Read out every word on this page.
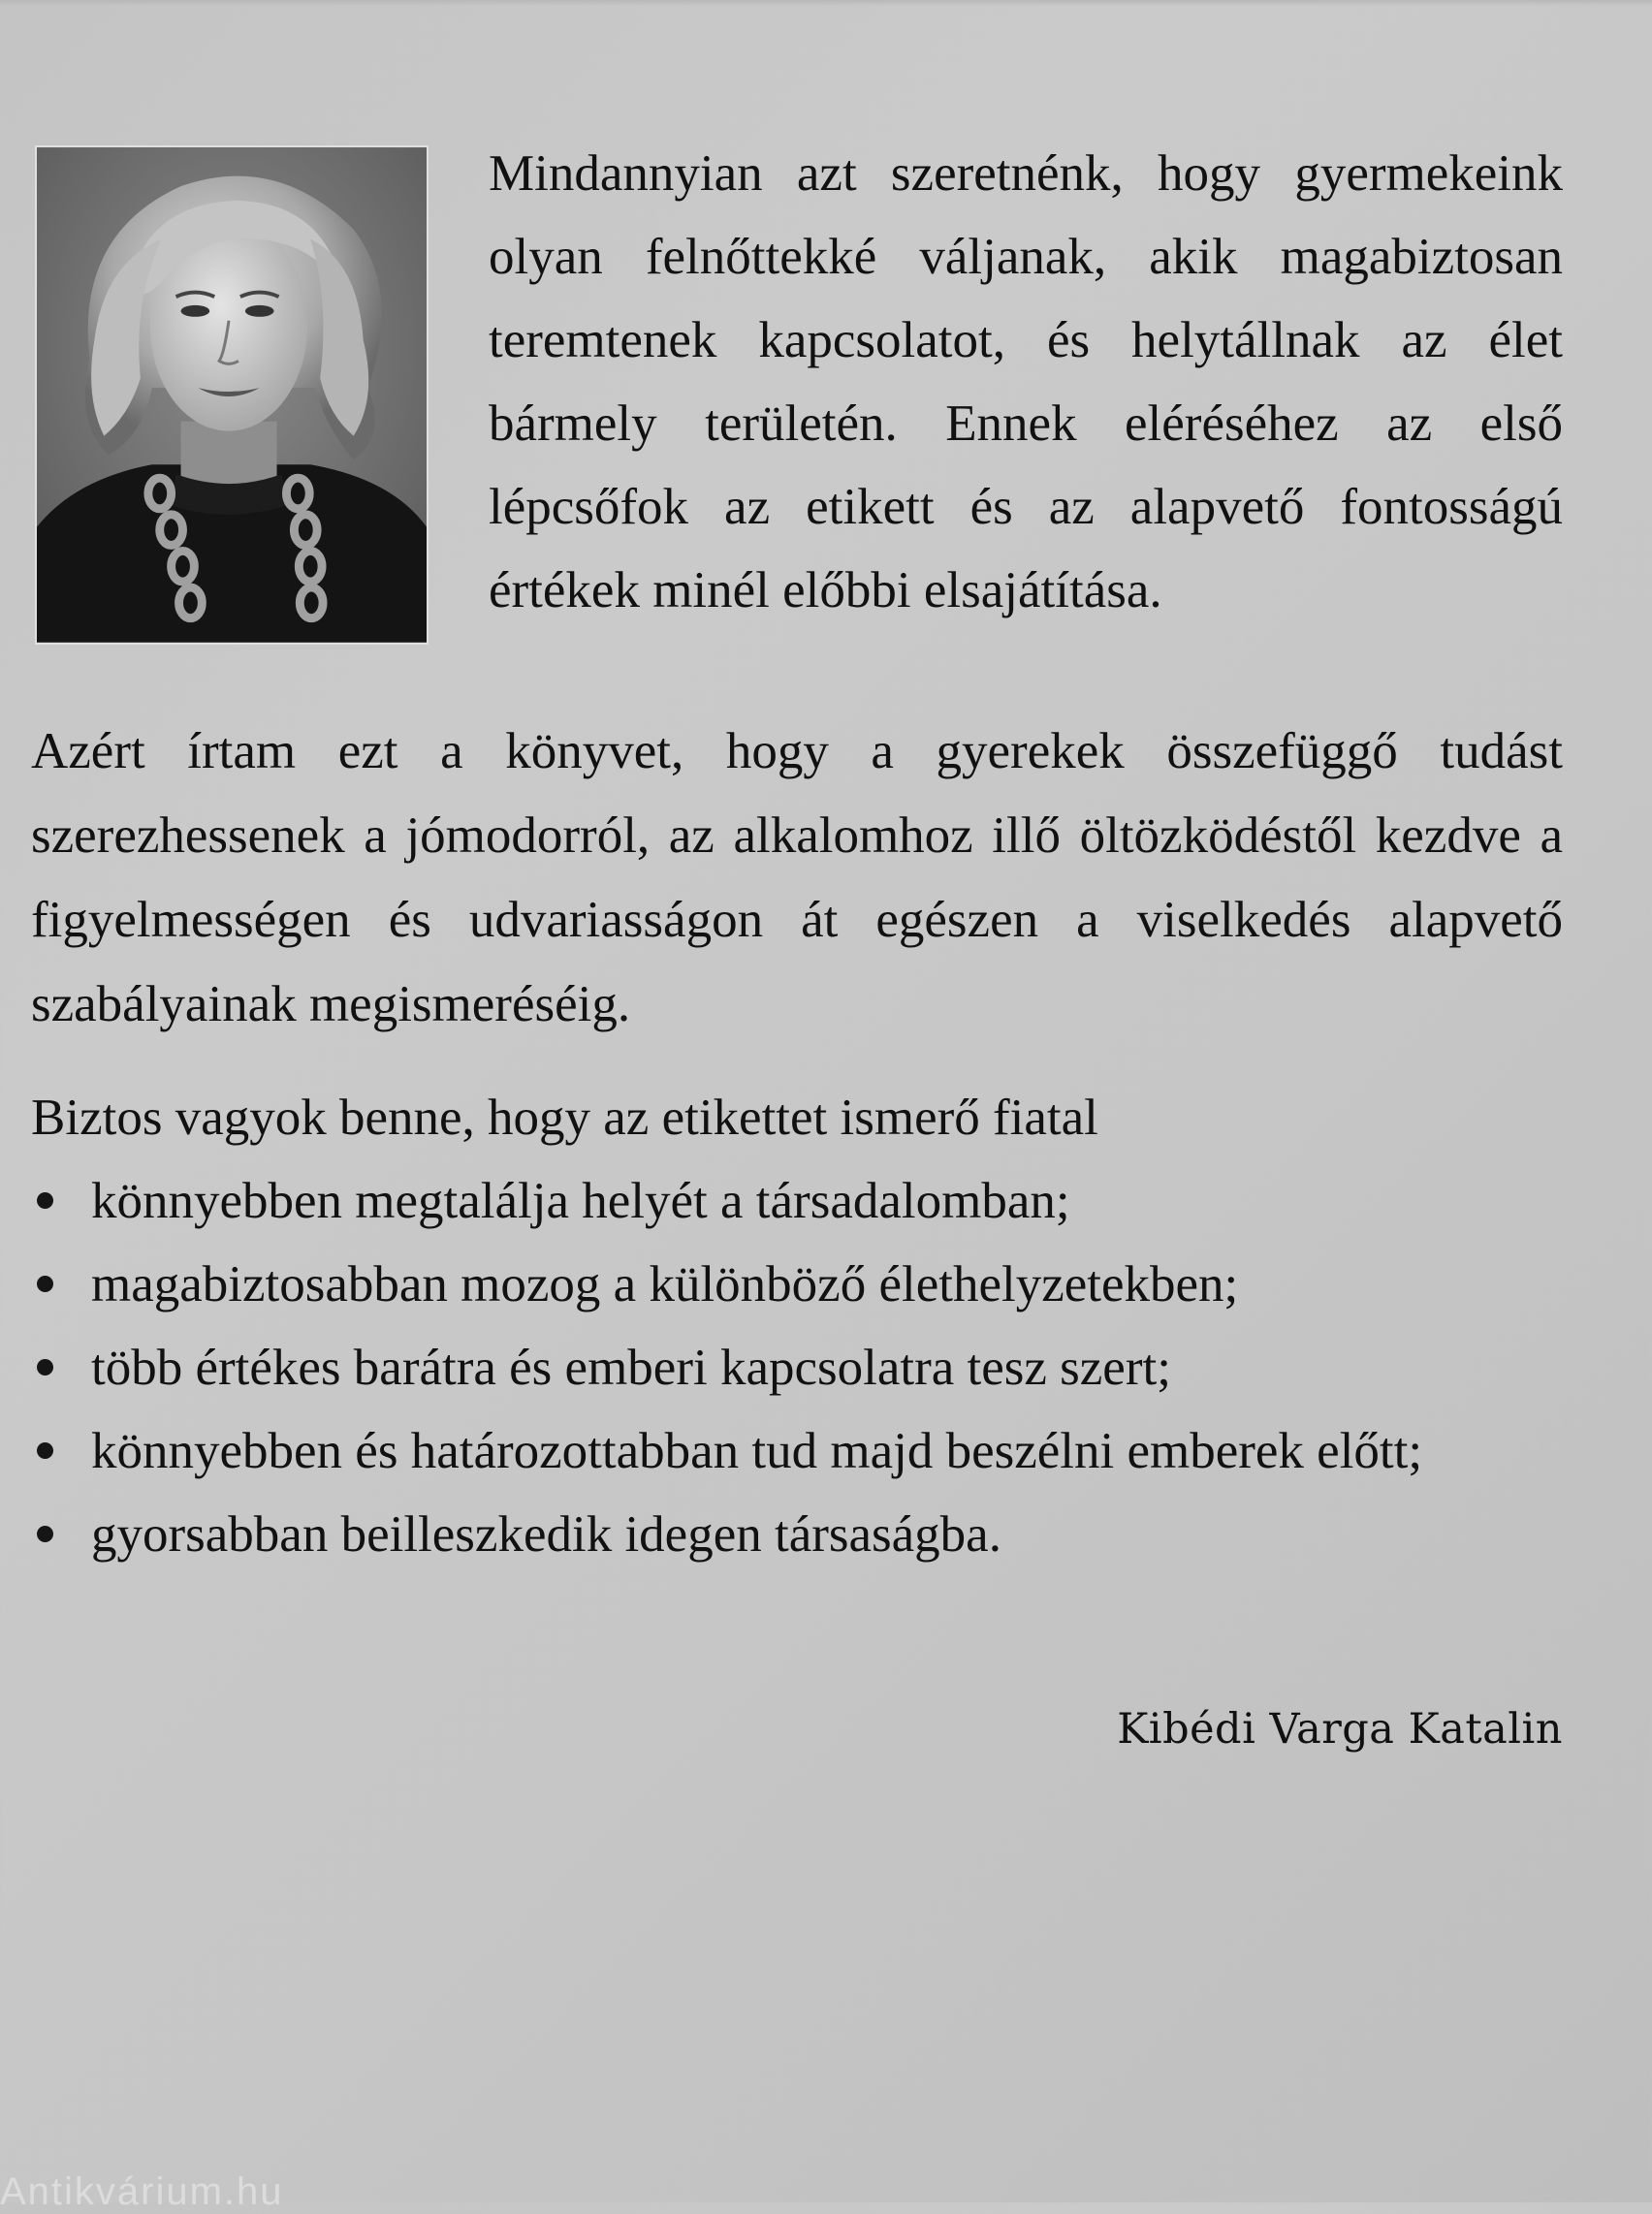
Mindannyian azt szeretnénk, hogy gyermekeink olyan felnőttekké váljanak, akik magabiztosan teremtenek kapcsolatot, és helytállnak az élet bármely területén. Ennek eléréséhez az első lépcsőfok az etikett és az alapvető fontosságú értékek minél előbbi elsajátítása.

Azért írtam ezt a könyvet, hogy a gyerekek összefüggő tudást szerezhessenek a jómodorról, az alkalomhoz illő öltözködéstől kezdve a figyelmességen és udvariasságon át egészen a viselkedés alapvető szabályainak megismeréséig.

Biztos vagyok benne, hogy az etikettet ismerő fiatal

könnyebben megtalálja helyét a társadalomban;
magabiztosabban mozog a különböző élethelyzetekben;
több értékes barátra és emberi kapcsolatra tesz szert;
könnyebben és határozottabban tud majd beszélni emberek előtt;
gyorsabban beilleszkedik idegen társaságba.

Kibédi Varga Katalin

Antikvárium.hu
